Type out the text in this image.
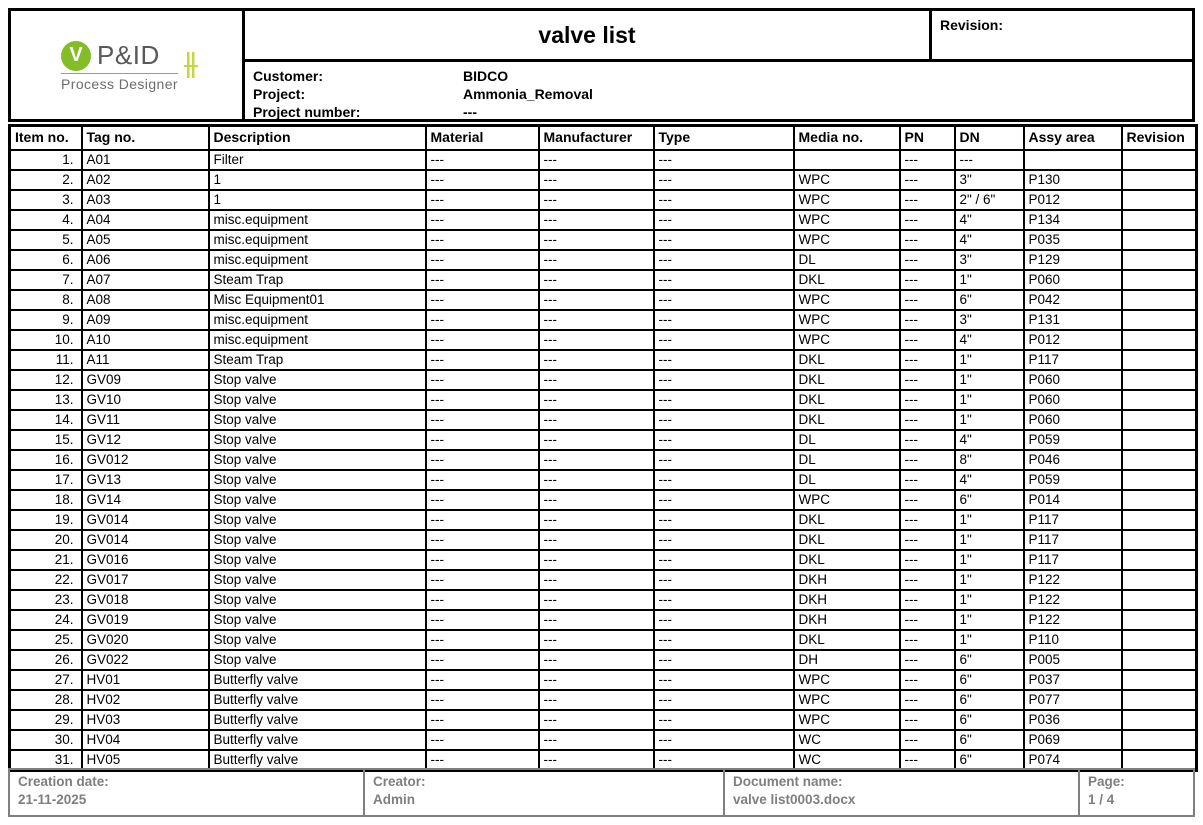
V P&ID
Process Designer
valve list	Revision:
Customer:	BIDCO
Project:	Ammonia_Removal
Project number:	---
Item no.	Tag no.	Description	Material	Manufacturer	Type	Media no.	PN	DN	Assy area	Revision
1.	A01	Filter	---	---	---		---	---		
2.	A02	1	---	---	---	WPC	---	3"	P130	
3.	A03	1	---	---	---	WPC	---	2" / 6"	P012	
4.	A04	misc.equipment	---	---	---	WPC	---	4"	P134	
5.	A05	misc.equipment	---	---	---	WPC	---	4"	P035	
6.	A06	misc.equipment	---	---	---	DL	---	3"	P129	
7.	A07	Steam Trap	---	---	---	DKL	---	1"	P060	
8.	A08	Misc Equipment01	---	---	---	WPC	---	6"	P042	
9.	A09	misc.equipment	---	---	---	WPC	---	3"	P131	
10.	A10	misc.equipment	---	---	---	WPC	---	4"	P012	
11.	A11	Steam Trap	---	---	---	DKL	---	1"	P117	
12.	GV09	Stop valve	---	---	---	DKL	---	1"	P060	
13.	GV10	Stop valve	---	---	---	DKL	---	1"	P060	
14.	GV11	Stop valve	---	---	---	DKL	---	1"	P060	
15.	GV12	Stop valve	---	---	---	DL	---	4"	P059	
16.	GV012	Stop valve	---	---	---	DL	---	8"	P046	
17.	GV13	Stop valve	---	---	---	DL	---	4"	P059	
18.	GV14	Stop valve	---	---	---	WPC	---	6"	P014	
19.	GV014	Stop valve	---	---	---	DKL	---	1"	P117	
20.	GV014	Stop valve	---	---	---	DKL	---	1"	P117	
21.	GV016	Stop valve	---	---	---	DKL	---	1"	P117	
22.	GV017	Stop valve	---	---	---	DKH	---	1"	P122	
23.	GV018	Stop valve	---	---	---	DKH	---	1"	P122	
24.	GV019	Stop valve	---	---	---	DKH	---	1"	P122	
25.	GV020	Stop valve	---	---	---	DKL	---	1"	P110	
26.	GV022	Stop valve	---	---	---	DH	---	6"	P005	
27.	HV01	Butterfly valve	---	---	---	WPC	---	6"	P037	
28.	HV02	Butterfly valve	---	---	---	WPC	---	6"	P077	
29.	HV03	Butterfly valve	---	---	---	WPC	---	6"	P036	
30.	HV04	Butterfly valve	---	---	---	WC	---	6"	P069	
31.	HV05	Butterfly valve	---	---	---	WC	---	6"	P074	
Creation date:
21-11-2025
Creator:
Admin
Document name:
valve list0003.docx
Page:
1 / 4
